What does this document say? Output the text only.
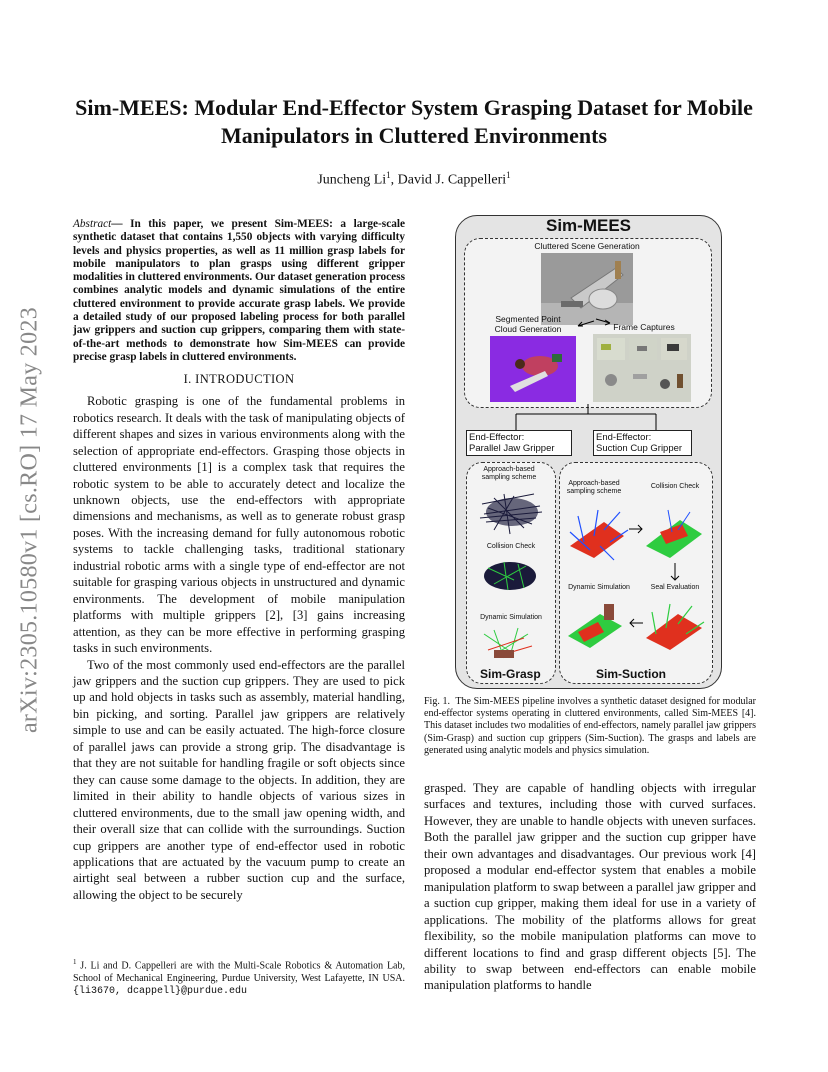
arXiv:2305.10580v1 [cs.RO] 17 May 2023
Sim-MEES: Modular End-Effector System Grasping Dataset for Mobile
Manipulators in Cluttered Environments
Juncheng Li$^1$, David J. Cappelleri$^1$
Abstract— In this paper, we present Sim-MEES: a large-scale synthetic dataset that contains 1,550 objects with varying difficulty levels and physics properties, as well as 11 million grasp labels for mobile manipulators to plan grasps using different gripper modalities in cluttered environments. Our dataset generation process combines analytic models and dynamic simulations of the entire cluttered environment to provide accurate grasp labels. We provide a detailed study of our proposed labeling process for both parallel jaw grippers and suction cup grippers, comparing them with state-of-the-art methods to demonstrate how Sim-MEES can provide precise grasp labels in cluttered environments.
I. INTRODUCTION

Robotic grasping is one of the fundamental problems in robotics research. It deals with the task of manipulating objects of different shapes and sizes in various environments along with the selection of appropriate end-effectors. Grasping those objects in cluttered environments [1] is a complex task that requires the robotic system to be able to accurately detect and localize the unknown objects, use the end-effectors with appropriate dimensions and mechanisms, as well as to generate robust grasp poses. With the increasing demand for fully autonomous robotic systems to tackle challenging tasks, traditional stationary industrial robotic arms with a single type of end-effector are not suitable for grasping various objects in unstructured and dynamic environments. The development of mobile manipulation platforms with multiple grippers [2], [3] gains increasing attention, as they can be more effective in performing grasping tasks in such environments.

Two of the most commonly used end-effectors are the parallel jaw grippers and the suction cup grippers. They are used to pick up and hold objects in tasks such as assembly, material handling, bin picking, and sorting. Parallel jaw grippers are relatively simple to use and can be easily actuated. The high-force closure of parallel jaws can provide a strong grip. The disadvantage is that they are not suitable for handling fragile or soft objects since they can cause some damage to the objects. In addition, they are limited in their ability to handle objects of various sizes in cluttered environments, due to the small jaw opening width, and their overall size that can collide with the surroundings. Suction cup grippers are another type of end-effector used in robotic applications that are actuated by the vacuum pump to create an airtight seal between a rubber suction cup and the surface, allowing the object to be securely

$^1$ J. Li and D. Cappelleri are with the Multi-Scale Robotics & Automation Lab, School of Mechanical Engineering, Purdue University, West Lafayette, IN USA. {li3670, dcappell}@purdue.edu
Sim-MEES
Cluttered Scene Generation
Segmented Point
Cloud Generation	Frame Captures
End-Effector:
Parallel Jaw Gripper
End-Effector:
Suction Cup Gripper
Approach-based
sampling scheme
Collision Check
Dynamic Simulation
Sim-Grasp
Approach-based
sampling scheme
Collision Check
Dynamic Simulation	Seal Evaluation
Sim-Suction
Fig. 1. The Sim-MEES pipeline involves a synthetic dataset designed for modular end-effector systems operating in cluttered environments, called Sim-MEES [4]. This dataset includes two modalities of end-effectors, namely parallel jaw grippers (Sim-Grasp) and suction cup grippers (Sim-Suction). The grasps and labels are generated using analytic models and physics simulation.

grasped. They are capable of handling objects with irregular surfaces and textures, including those with curved surfaces. However, they are unable to handle objects with uneven surfaces. Both the parallel jaw gripper and the suction cup gripper have their own advantages and disadvantages. Our previous work [4] proposed a modular end-effector system that enables a mobile manipulation platform to swap between a parallel jaw gripper and a suction cup gripper, making them ideal for use in a variety of applications. The mobility of the platforms allows for great flexibility, so the mobile manipulation platforms can move to different locations to find and grasp different objects [5]. The ability to swap between end-effectors can enable mobile manipulation platforms to handle
